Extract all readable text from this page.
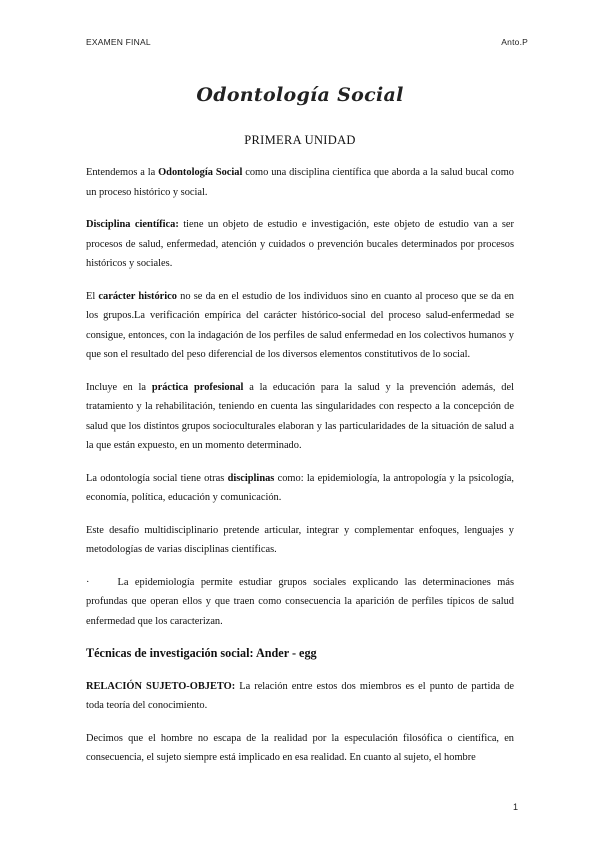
EXAMEN FINAL	Anto.P
Odontología Social
PRIMERA UNIDAD

Entendemos a la Odontología Social como una disciplina científica que aborda a la salud bucal como un proceso histórico y social.

Disciplina científica: tiene un objeto de estudio e investigación, este objeto de estudio van a ser procesos de salud, enfermedad, atención y cuidados o prevención bucales determinados por procesos históricos y sociales.

El carácter histórico no se da en el estudio de los individuos sino en cuanto al proceso que se da en los grupos.La verificación empírica del carácter histórico-social del proceso salud-enfermedad se consigue, entonces, con la indagación de los perfiles de salud enfermedad en los colectivos humanos y que son el resultado del peso diferencial de los diversos elementos constitutivos de lo social.

Incluye en la práctica profesional a la educación para la salud y la prevención además, del tratamiento y la rehabilitación, teniendo en cuenta las singularidades con respecto a la concepción de salud que los distintos grupos socioculturales elaboran y las particularidades de la situación de salud a la que están expuesto, en un momento determinado.

La odontología social tiene otras disciplinas como: la epidemiología, la antropología y la psicología, economía, política, educación y comunicación.

Este desafío multidisciplinario pretende articular, integrar y complementar enfoques, lenguajes y metodologías de varias disciplinas científicas.

·	La epidemiología permite estudiar grupos sociales explicando las determinaciones más profundas que operan ellos y que traen como consecuencia la aparición de perfiles típicos de salud enfermedad que los caracterizan.

Técnicas de investigación social: Ander - egg

RELACIÓN SUJETO-OBJETO: La relación entre estos dos miembros es el punto de partida de toda teoría del conocimiento.

Decimos que el hombre no escapa de la realidad por la especulación filosófica o científica, en consecuencia, el sujeto siempre está implicado en esa realidad. En cuanto al sujeto, el hombre

1
